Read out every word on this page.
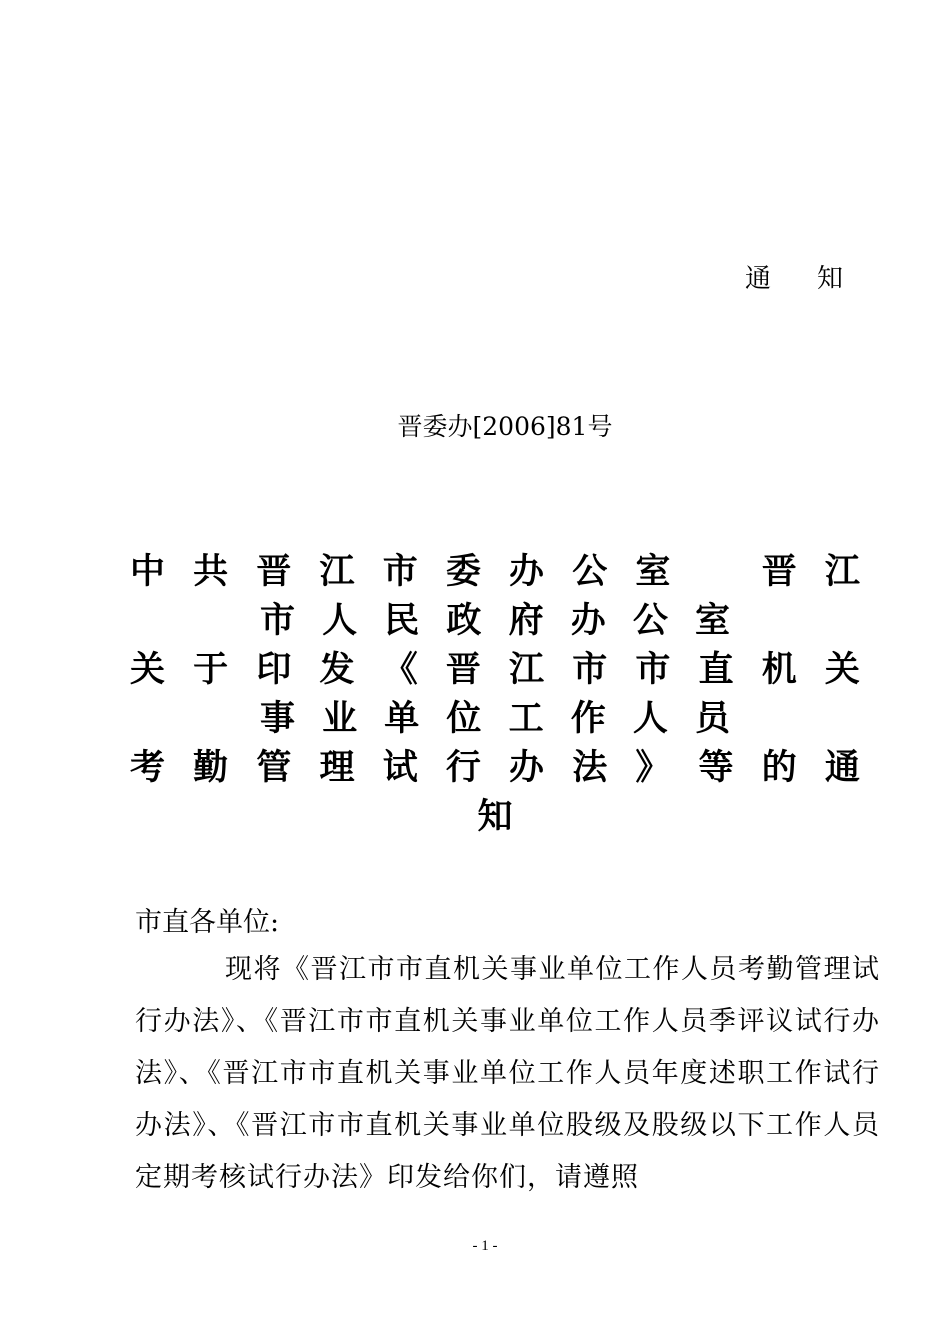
通知
晋委办[2006]81号
中 共 晋 江 市 委 办 公 室	晋 江
市 人 民 政 府 办 公 室
关 于 印 发 《 晋 江 市 市 直 机 关
事 业 单 位 工 作 人 员
考 勤 管 理 试 行 办 法 》 等 的 通
知
市直各单位:
现将《晋江市市直机关事业单位工作人员考勤管理试行办法》、《晋江市市直机关事业单位工作人员季评议试行办法》、《晋江市市直机关事业单位工作人员年度述职工作试行办法》、《晋江市市直机关事业单位股级及股级以下工作人员定期考核试行办法》印发给你们，请遵照
- 1 -
